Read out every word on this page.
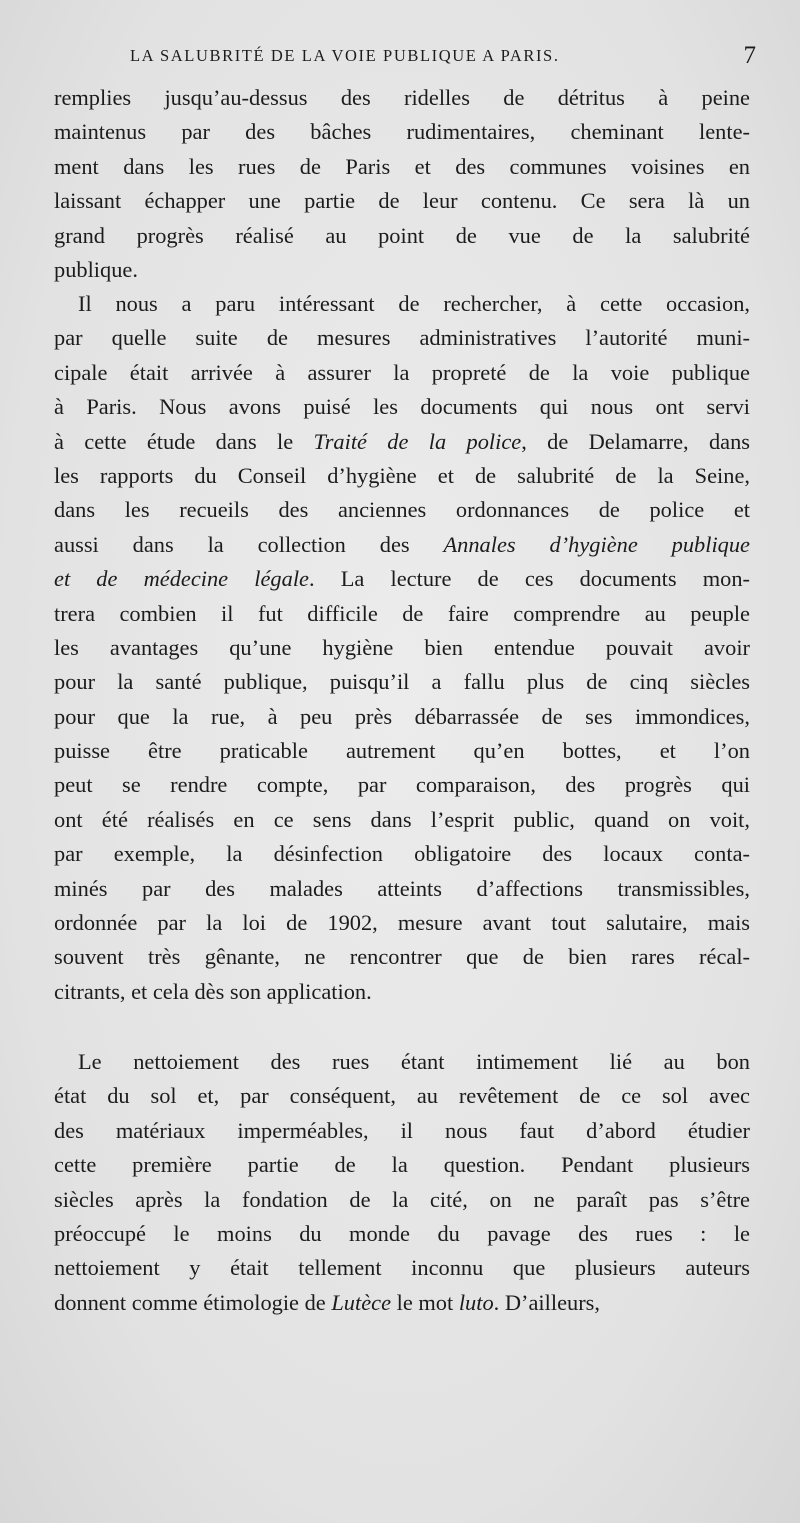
LA SALUBRITÉ DE LA VOIE PUBLIQUE A PARIS.	7
remplies jusqu’au-dessus des ridelles de détritus à peine
maintenus par des bâches rudimentaires, cheminant lente-
ment dans les rues de Paris et des communes voisines en
laissant échapper une partie de leur contenu. Ce sera là un
grand progrès réalisé au point de vue de la salubrité
publique.
Il nous a paru intéressant de rechercher, à cette occasion,
par quelle suite de mesures administratives l’autorité muni-
cipale était arrivée à assurer la propreté de la voie publique
à Paris. Nous avons puisé les documents qui nous ont servi
à cette étude dans le Traité de la police, de Delamarre, dans
les rapports du Conseil d’hygiène et de salubrité de la Seine,
dans les recueils des anciennes ordonnances de police et
aussi dans la collection des Annales d’hygiène publique
et de médecine légale. La lecture de ces documents mon-
trera combien il fut difficile de faire comprendre au peuple
les avantages qu’une hygiène bien entendue pouvait avoir
pour la santé publique, puisqu’il a fallu plus de cinq siècles
pour que la rue, à peu près débarrassée de ses immondices,
puisse être praticable autrement qu’en bottes, et l’on
peut se rendre compte, par comparaison, des progrès qui
ont été réalisés en ce sens dans l’esprit public, quand on voit,
par exemple, la désinfection obligatoire des locaux conta-
minés par des malades atteints d’affections transmissibles,
ordonnée par la loi de 1902, mesure avant tout salutaire, mais
souvent très gênante, ne rencontrer que de bien rares récal-
citrants, et cela dès son application.
Le nettoiement des rues étant intimement lié au bon
état du sol et, par conséquent, au revêtement de ce sol avec
des matériaux imperméables, il nous faut d’abord étudier
cette première partie de la question. Pendant plusieurs
siècles après la fondation de la cité, on ne paraît pas s’être
préoccupé le moins du monde du pavage des rues : le
nettoiement y était tellement inconnu que plusieurs auteurs
donnent comme étimologie de Lutèce le mot luto. D’ailleurs,
